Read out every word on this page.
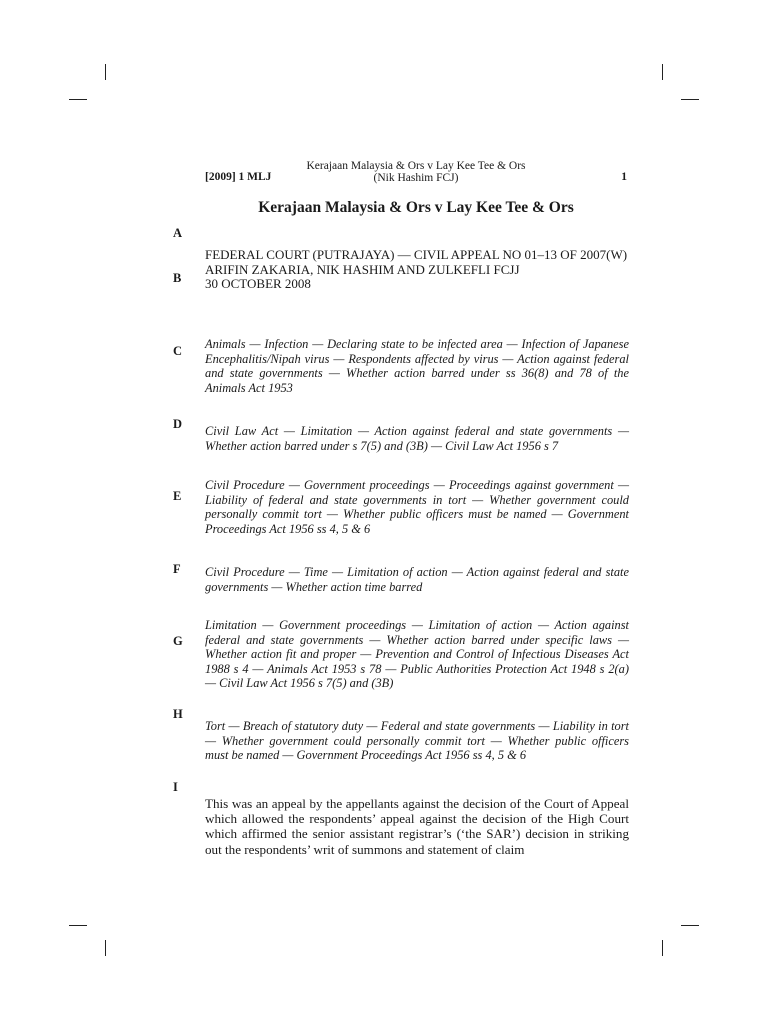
[2009] 1 MLJ
Kerajaan Malaysia & Ors v Lay Kee Tee & Ors
(Nik Hashim FCJ)	1
A
B
C
D
E
F
G
H
I
Kerajaan Malaysia & Ors v Lay Kee Tee & Ors
FEDERAL COURT (PUTRAJAYA) — CIVIL APPEAL NO 01–13 OF 2007(W)
ARIFIN ZAKARIA, NIK HASHIM AND ZULKEFLI FCJJ
30 OCTOBER 2008
Animals — Infection — Declaring state to be infected area — Infection of Japanese Encephalitis/Nipah virus — Respondents affected by virus — Action against federal and state governments — Whether action barred under ss 36(8) and 78 of the Animals Act 1953
Civil Law Act — Limitation — Action against federal and state governments — Whether action barred under s 7(5) and (3B) — Civil Law Act 1956 s 7
Civil Procedure — Government proceedings — Proceedings against government — Liability of federal and state governments in tort — Whether government could personally commit tort — Whether public officers must be named — Government Proceedings Act 1956 ss 4, 5 & 6
Civil Procedure — Time — Limitation of action — Action against federal and state governments — Whether action time barred
Limitation — Government proceedings — Limitation of action — Action against federal and state governments — Whether action barred under specific laws — Whether action fit and proper — Prevention and Control of Infectious Diseases Act 1988 s 4 — Animals Act 1953 s 78 — Public Authorities Protection Act 1948 s 2(a) — Civil Law Act 1956 s 7(5) and (3B)
Tort — Breach of statutory duty — Federal and state governments — Liability in tort — Whether government could personally commit tort — Whether public officers must be named — Government Proceedings Act 1956 ss 4, 5 & 6
This was an appeal by the appellants against the decision of the Court of Appeal which allowed the respondents’ appeal against the decision of the High Court which affirmed the senior assistant registrar’s (‘the SAR’) decision in striking out the respondents’ writ of summons and statement of claim
